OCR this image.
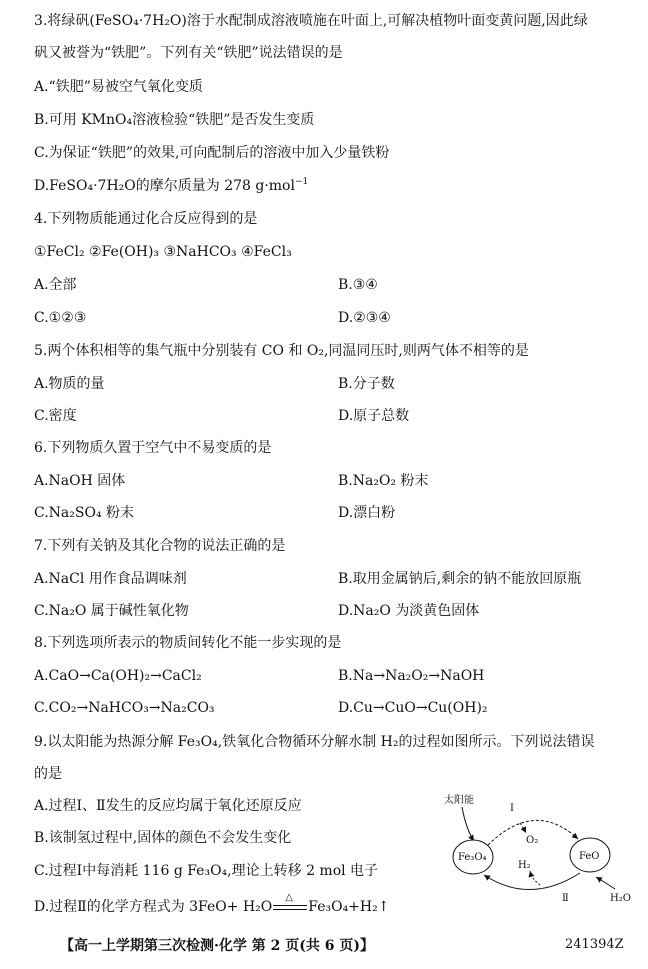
3.将绿矾(FeSO₄·7H₂O)溶于水配制成溶液喷施在叶面上,可解决植物叶面变黄问题,因此绿
矾又被誉为“铁肥”。下列有关“铁肥”说法错误的是
A.“铁肥”易被空气氧化变质
B.可用 KMnO₄溶液检验“铁肥”是否发生变质
C.为保证“铁肥”的效果,可向配制后的溶液中加入少量铁粉
D.FeSO₄·7H₂O的摩尔质量为 278 g·mol$^{-1}$
4.下列物质能通过化合反应得到的是
①FeCl₂ ②Fe(OH)₃ ③NaHCO₃ ④FeCl₃
A.全部	B.③④
C.①②③	D.②③④
5.两个体积相等的集气瓶中分别装有 CO 和 O₂,同温同压时,则两气体不相等的是
A.物质的量	B.分子数
C.密度	D.原子总数
6.下列物质久置于空气中不易变质的是
A.NaOH 固体	B.Na₂O₂ 粉末
C.Na₂SO₄ 粉末	D.漂白粉
7.下列有关钠及其化合物的说法正确的是
A.NaCl 用作食品调味剂	B.取用金属钠后,剩余的钠不能放回原瓶
C.Na₂O 属于碱性氧化物	D.Na₂O 为淡黄色固体
8.下列选项所表示的物质间转化不能一步实现的是
A.CaO→Ca(OH)₂→CaCl₂	B.Na→Na₂O₂→NaOH
C.CO₂→NaHCO₃→Na₂CO₃	D.Cu→CuO→Cu(OH)₂
9.以太阳能为热源分解 Fe₃O₄,铁氧化合物循环分解水制 H₂的过程如图所示。下列说法错误
的是
A.过程Ⅰ、Ⅱ发生的反应均属于氧化还原反应
B.该制氢过程中,固体的颜色不会发生变化
C.过程Ⅰ中每消耗 116 g Fe₃O₄,理论上转移 2 mol 电子
D.过程Ⅱ的化学方程式为 3FeO+ H₂O
△
Fe₃O₄+H₂↑
太阳能
Ⅰ
O₂
Fe₃O₄	FeO
H₂O
H₂
Ⅱ
【高一上学期第三次检测·化学 第 2 页(共 6 页)】	241394Z
